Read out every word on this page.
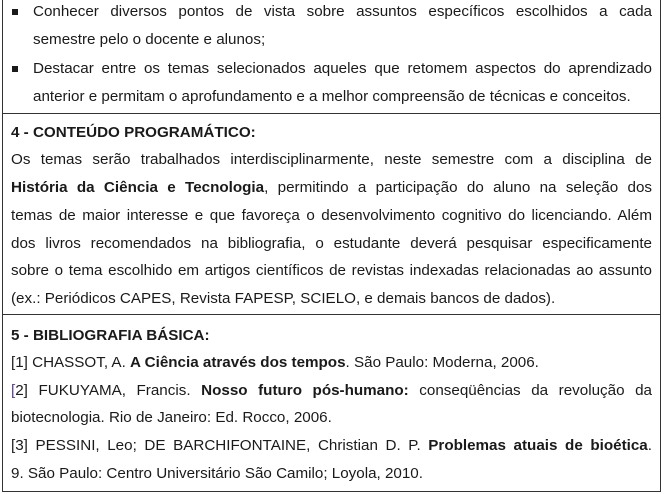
Conhecer diversos pontos de vista sobre assuntos específicos escolhidos a cada
semestre pelo o docente e alunos;
Destacar entre os temas selecionados aqueles que retomem aspectos do aprendizado
anterior e permitam o aprofundamento e a melhor compreensão de técnicas e conceitos.
4 - CONTEÚDO PROGRAMÁTICO:
Os temas serão trabalhados interdisciplinarmente, neste semestre com a disciplina de
História da Ciência e Tecnologia, permitindo a participação do aluno na seleção dos
temas de maior interesse e que favoreça o desenvolvimento cognitivo do licenciando. Além
dos livros recomendados na bibliografia, o estudante deverá pesquisar especificamente
sobre o tema escolhido em artigos científicos de revistas indexadas relacionadas ao assunto
(ex.: Periódicos CAPES, Revista FAPESP, SCIELO, e demais bancos de dados).
5 - BIBLIOGRAFIA BÁSICA:
[1] CHASSOT, A. A Ciência através dos tempos. São Paulo: Moderna, 2006.
[2] FUKUYAMA, Francis. Nosso futuro pós-humano: conseqüências da revolução da
biotecnologia. Rio de Janeiro: Ed. Rocco, 2006.
[3] PESSINI, Leo; DE BARCHIFONTAINE, Christian D. P. Problemas atuais de bioética.
9. São Paulo: Centro Universitário São Camilo; Loyola, 2010.
